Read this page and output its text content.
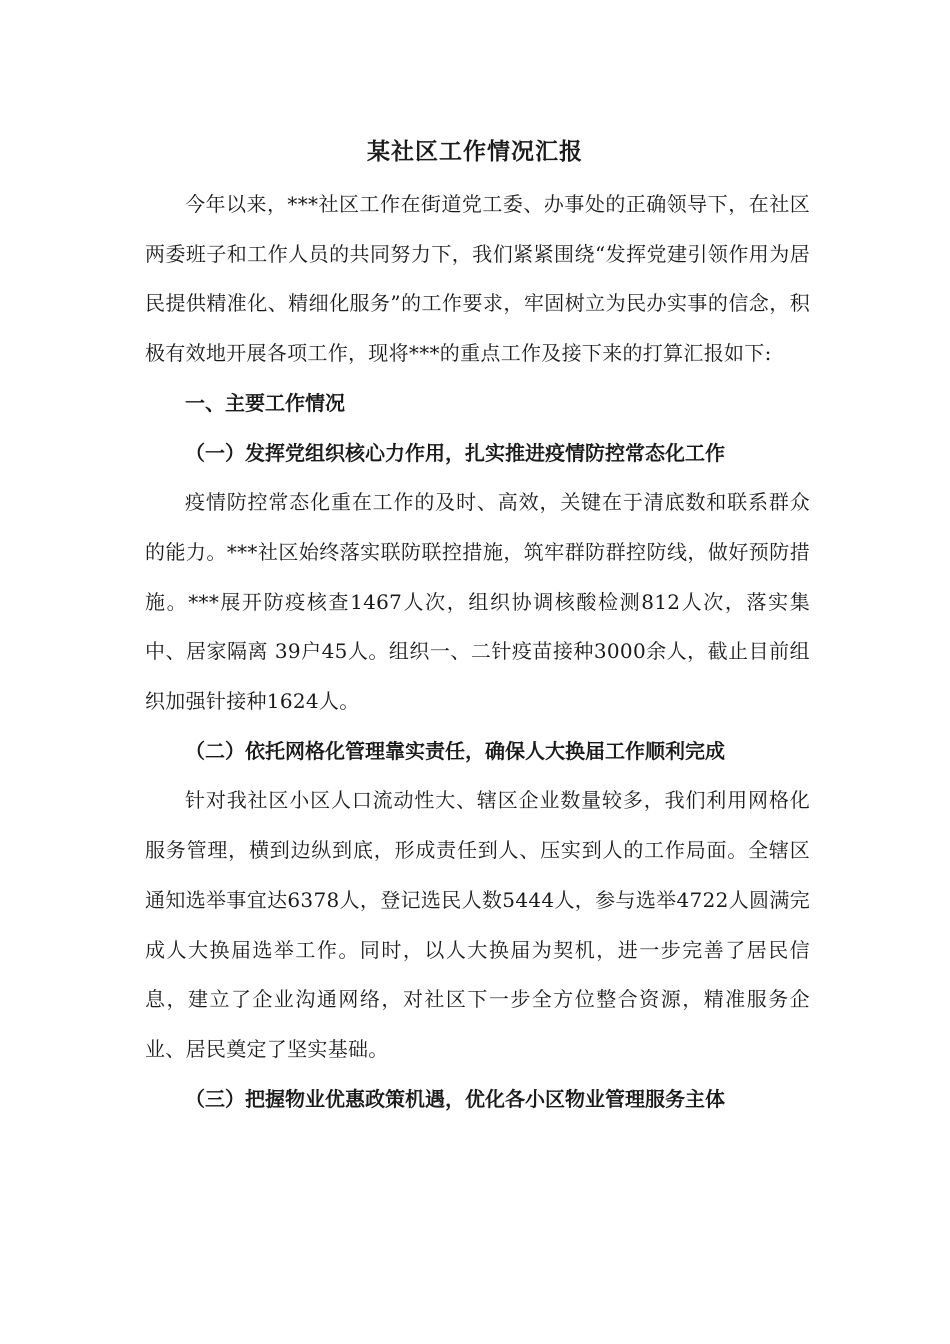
某社区工作情况汇报

今年以来，***社区工作在街道党工委、办事处的正确领导下，在社区两委班子和工作人员的共同努力下，我们紧紧围绕“发挥党建引领作用为居民提供精准化、精细化服务”的工作要求，牢固树立为民办实事的信念，积极有效地开展各项工作，现将***的重点工作及接下来的打算汇报如下:

一、主要工作情况

（一）发挥党组织核心力作用，扎实推进疫情防控常态化工作

疫情防控常态化重在工作的及时、高效，关键在于清底数和联系群众的能力。***社区始终落实联防联控措施，筑牢群防群控防线，做好预防措施。***展开防疫核查1467人次，组织协调核酸检测812人次，落实集中、居家隔离 39户45人。组织一、二针疫苗接种3000余人，截止目前组织加强针接种1624人。

（二）依托网格化管理靠实责任，确保人大换届工作顺利完成

针对我社区小区人口流动性大、辖区企业数量较多，我们利用网格化服务管理，横到边纵到底，形成责任到人、压实到人的工作局面。全辖区通知选举事宜达6378人，登记选民人数5444人，参与选举4722人圆满完成人大换届选举工作。同时，以人大换届为契机，进一步完善了居民信息，建立了企业沟通网络，对社区下一步全方位整合资源，精准服务企业、居民奠定了坚实基础。

（三）把握物业优惠政策机遇，优化各小区物业管理服务主体
